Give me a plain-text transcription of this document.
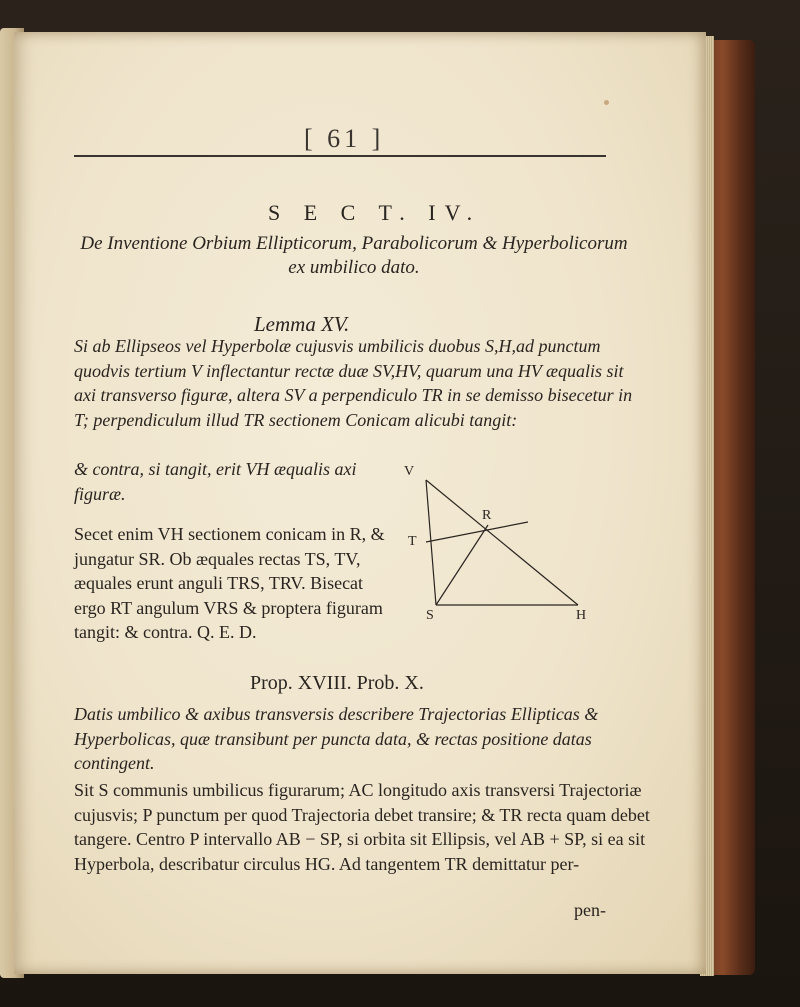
[ 61 ]
S E C T. IV.
De Inventione Orbium Ellipticorum, Parabolicorum & Hyperbolicorum ex umbilico dato.
Lemma XV.
Si ab Ellipseos vel Hyperbolæ cujusvis umbilicis duobus S,H,ad punctum quodvis tertium V inflectantur rectæ duæ SV,HV, quarum una HV æqualis sit axi transverso figuræ, altera SV a perpendiculo TR in se demisso bisecetur in T; perpendiculum illud TR sectionem Conicam alicubi tangit:
& contra, si tangit, erit VH æqualis axi figuræ.
Secet enim VH sectionem conicam in R, & jungatur SR. Ob æquales rectas TS, TV, æquales erunt anguli TRS, TRV. Bisecat ergo RT angulum VRS & proptera figuram tangit: & contra. Q. E. D.
V
T
R
S	H
Prop. XVIII. Prob. X.
Datis umbilico & axibus transversis describere Trajectorias Ellipticas & Hyperbolicas, quæ transibunt per puncta data, & rectas positione datas contingent.
Sit S communis umbilicus figurarum; AC longitudo axis transversi Trajectoriæ cujusvis; P punctum per quod Trajectoria debet transire; & TR recta quam debet tangere. Centro P intervallo AB − SP, si orbita sit Ellipsis, vel AB + SP, si ea sit Hyperbola, describatur circulus HG. Ad tangentem TR demittatur per-
pen-
